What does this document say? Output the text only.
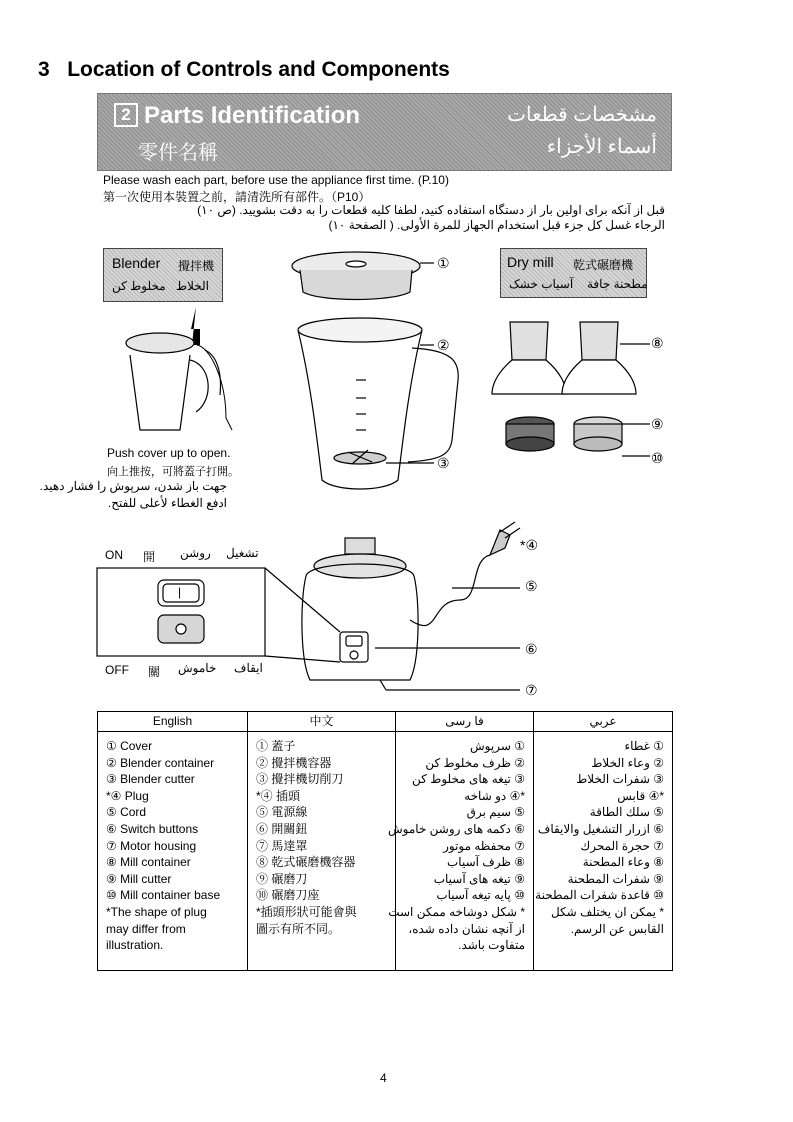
3 Location of Controls and Components
2 Parts Identification
零件名稱
مشخصات قطعات
أسماء الأجزاء
Please wash each part, before use the appliance first time. (P.10)
第一次使用本裝置之前，請清洗所有部件。（P10）
قبل از آنکه برای اولین بار از دستگاه استفاده کنید، لطفا کلیه قطعات را به دقت بشویید. (ص ۱۰)
الرجاء غسل كل جزء قبل استخدام الجهاز للمرة الأولى. ( الصفحة ۱۰)
Blender 攪拌機
مخلوط کن الخلاط
Dry mill 乾式碾磨機
آسیاب خشک مطحنة جافة
①
②
③
*④
⑤
⑥
⑦
⑧
⑨
⑩
|
Push cover up to open.
向上推按，可將蓋子打開。
جهت باز شدن، سرپوش را فشار دهید.
ادفع الغطاء لأعلى للفتح.
ON 開 روشن تشغيل
OFF 關 خاموش ايقاف
English
① Cover
② Blender container
③ Blender cutter
*④ Plug
⑤ Cord
⑥ Switch buttons
⑦ Motor housing
⑧ Mill container
⑨ Mill cutter
⑩ Mill container base
*The shape of plug
may differ from
illustration.
中文
① 蓋子
② 攪拌機容器
③ 攪拌機切削刀
*④ 插頭
⑤ 電源線
⑥ 開關鈕
⑦ 馬達罩
⑧ 乾式碾磨機容器
⑨ 碾磨刀
⑩ 碾磨刀座
*插頭形狀可能會與
圖示有所不同。
فا رسی
① سرپوش
② ظرف مخلوط کن
③ تیغه های مخلوط کن
*④ دو شاخه
⑤ سیم برق
⑥ دکمه های روشن خاموش
⑦ محفظه موتور
⑧ ظرف آسیاب
⑨ تیغه های آسیاب
⑩ پایه تیغه آسیاب
* شکل دوشاخه ممکن است
از آنچه نشان داده شده،
متفاوت باشد.
عربي
① غطاء
② وعاء الخلاط
③ شفرات الخلاط
*④ قابس
⑤ سلك الطاقة
⑥ ازرار التشغيل والايقاف
⑦ حجرة المحرك
⑧ وعاء المطحنة
⑨ شفرات المطحنة
⑩ قاعدة شفرات المطحنة
* يمكن ان يختلف شكل
القابس عن الرسم.
4
